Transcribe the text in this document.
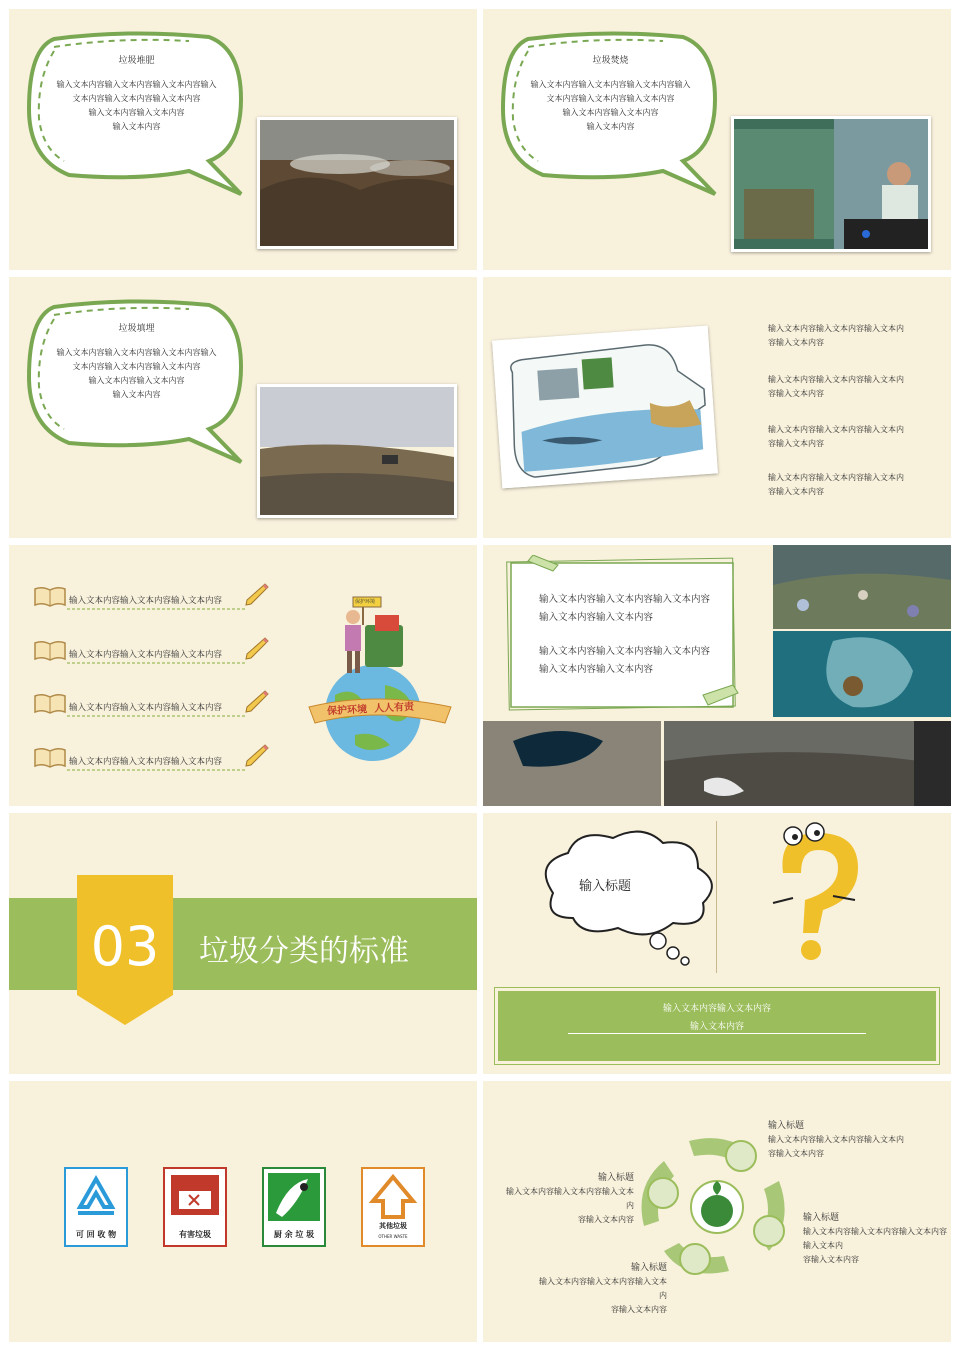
垃圾堆肥
输入文本内容输入文本内容输入文本内容输入
文本内容输入文本内容输入文本内容
输入文本内容输入文本内容
输入文本内容
垃圾焚烧
输入文本内容输入文本内容输入文本内容输入
文本内容输入文本内容输入文本内容
输入文本内容输入文本内容
输入文本内容
垃圾填埋
输入文本内容输入文本内容输入文本内容输入
文本内容输入文本内容输入文本内容
输入文本内容输入文本内容
输入文本内容
输入文本内容输入文本内容输入文本内
容输入文本内容
输入文本内容输入文本内容输入文本内
容输入文本内容
输入文本内容输入文本内容输入文本内
容输入文本内容
输入文本内容输入文本内容输入文本内
容输入文本内容
输入文本内容输入文本内容输入文本内容
输入文本内容输入文本内容输入文本内容
输入文本内容输入文本内容输入文本内容
输入文本内容输入文本内容输入文本内容
保护环境
保护环境  人人有责
输入文本内容输入文本内容输入文本内容
输入文本内容输入文本内容
输入文本内容输入文本内容输入文本内容
输入文本内容输入文本内容
03	垃圾分类的标准
输入标题
输入文本内容输入文本内容
输入文本内容
可 回 收 物	有害垃圾	厨 余 垃 圾
其他垃圾
OTHER WASTE
输入标题
输入文本内容输入文本内容输入文本内
容输入文本内容
输入标题
输入文本内容输入文本内容输入文本内
容输入文本内容	输入标题
输入文本内容输入文本内容输入文本内容输入文本内
容输入文本内容
输入标题
输入文本内容输入文本内容输入文本内
容输入文本内容
